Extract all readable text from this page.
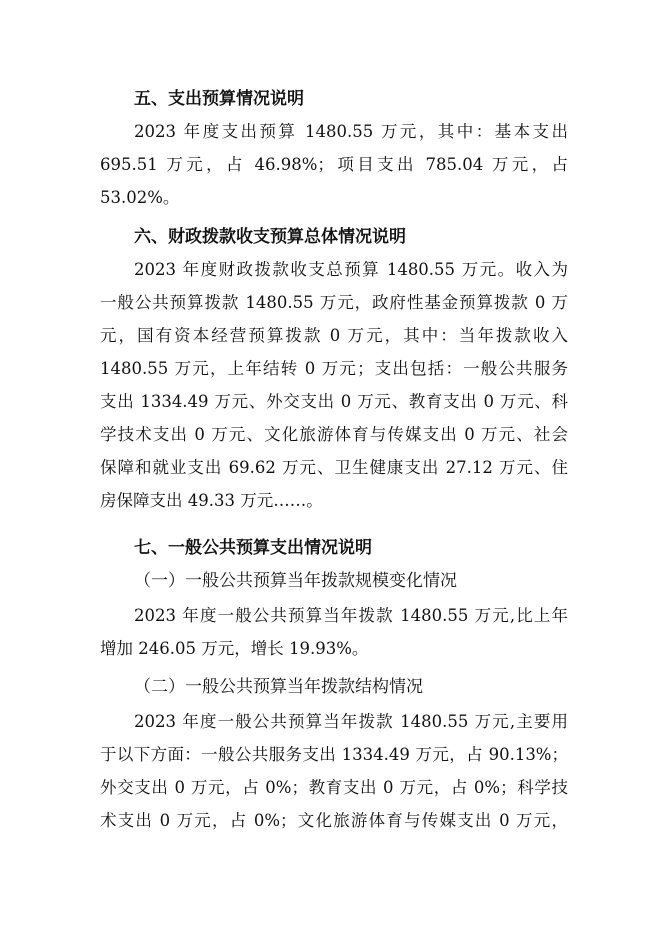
五、支出预算情况说明
2023 年度支出预算 1480.55 万元，其中：基本支出
695.51 万元，占 46.98%；项目支出 785.04 万元，占
53.02%。
六、财政拨款收支预算总体情况说明
2023 年度财政拨款收支总预算 1480.55 万元。收入为
一般公共预算拨款 1480.55 万元，政府性基金预算拨款 0 万
元，国有资本经营预算拨款 0 万元，其中：当年拨款收入
1480.55 万元，上年结转 0 万元；支出包括：一般公共服务
支出 1334.49 万元、外交支出 0 万元、教育支出 0 万元、科
学技术支出 0 万元、文化旅游体育与传媒支出 0 万元、社会
保障和就业支出 69.62 万元、卫生健康支出 27.12 万元、住
房保障支出 49.33 万元……。
七、一般公共预算支出情况说明
（一）一般公共预算当年拨款规模变化情况
2023 年度一般公共预算当年拨款 1480.55 万元,比上年
增加 246.05 万元，增长 19.93%。
（二）一般公共预算当年拨款结构情况
2023 年度一般公共预算当年拨款 1480.55 万元,主要用
于以下方面：一般公共服务支出 1334.49 万元，占 90.13%；
外交支出 0 万元，占 0%；教育支出 0 万元，占 0%；科学技
术支出 0 万元，占 0%；文化旅游体育与传媒支出 0 万元，
